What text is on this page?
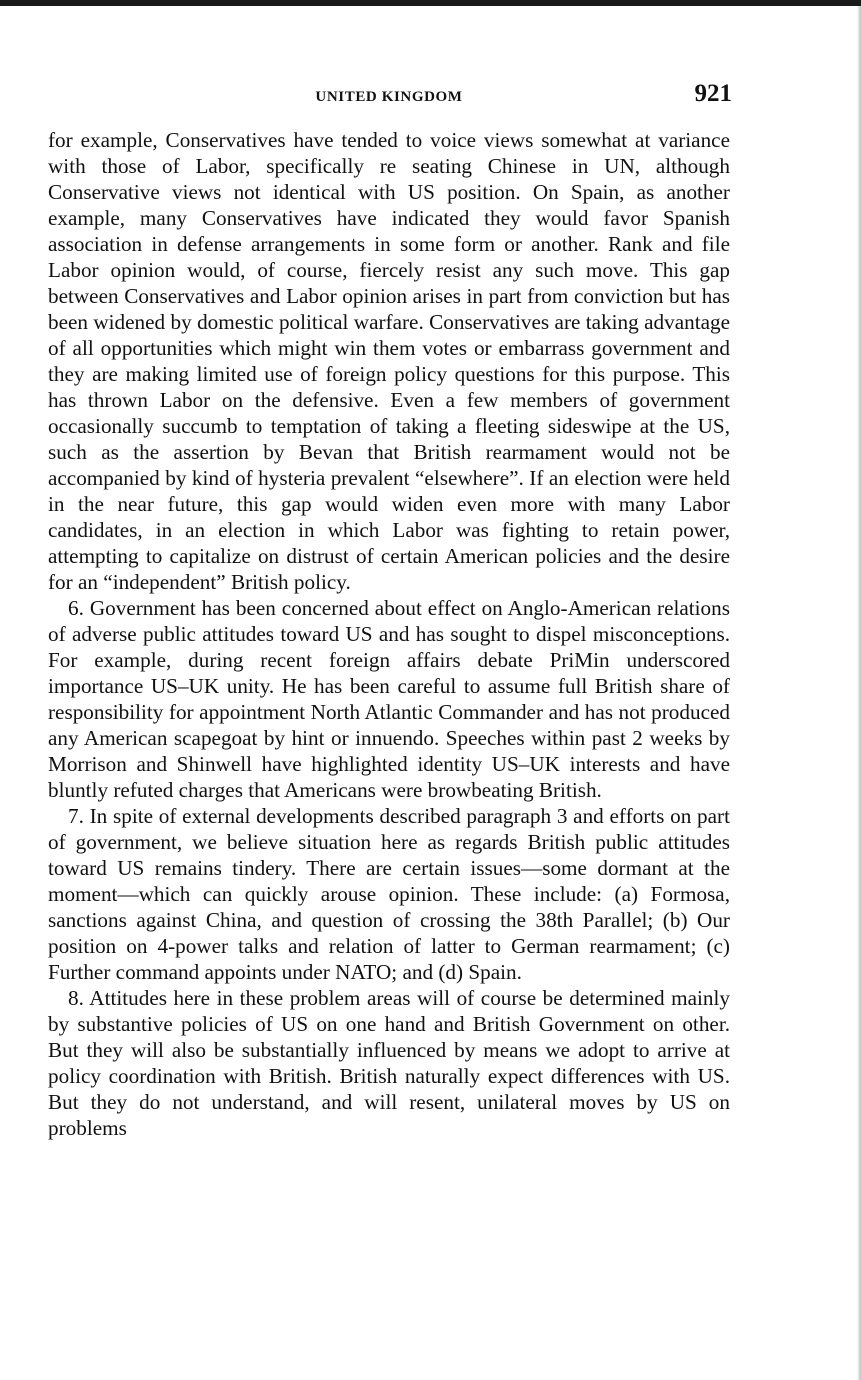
UNITED KINGDOM	921

for example, Conservatives have tended to voice views somewhat at variance with those of Labor, specifically re seating Chinese in UN, although Conservative views not identical with US position. On Spain, as another example, many Conservatives have indicated they would favor Spanish association in defense arrangements in some form or another. Rank and file Labor opinion would, of course, fiercely resist any such move. This gap between Conservatives and Labor opinion arises in part from conviction but has been widened by domestic political warfare. Conservatives are taking advantage of all opportunities which might win them votes or embarrass government and they are making limited use of foreign policy questions for this purpose. This has thrown Labor on the defensive. Even a few members of government occasionally succumb to temptation of taking a fleeting sideswipe at the US, such as the assertion by Bevan that British rearmament would not be accompanied by kind of hysteria prevalent “elsewhere”. If an election were held in the near future, this gap would widen even more with many Labor candidates, in an election in which Labor was fighting to retain power, attempting to capitalize on distrust of certain American policies and the desire for an “independent” British policy.

6. Government has been concerned about effect on Anglo-American relations of adverse public attitudes toward US and has sought to dispel misconceptions. For example, during recent foreign affairs debate PriMin underscored importance US–UK unity. He has been careful to assume full British share of responsibility for appointment North Atlantic Commander and has not produced any American scapegoat by hint or innuendo. Speeches within past 2 weeks by Morrison and Shinwell have highlighted identity US–UK interests and have bluntly refuted charges that Americans were browbeating British.

7. In spite of external developments described paragraph 3 and efforts on part of government, we believe situation here as regards British public attitudes toward US remains tindery. There are certain issues—some dormant at the moment—which can quickly arouse opinion. These include: (a) Formosa, sanctions against China, and question of crossing the 38th Parallel; (b) Our position on 4-power talks and relation of latter to German rearmament; (c) Further command appoints under NATO; and (d) Spain.

8. Attitudes here in these problem areas will of course be determined mainly by substantive policies of US on one hand and British Government on other. But they will also be substantially influenced by means we adopt to arrive at policy coordination with British. British naturally expect differences with US. But they do not understand, and will resent, unilateral moves by US on problems
